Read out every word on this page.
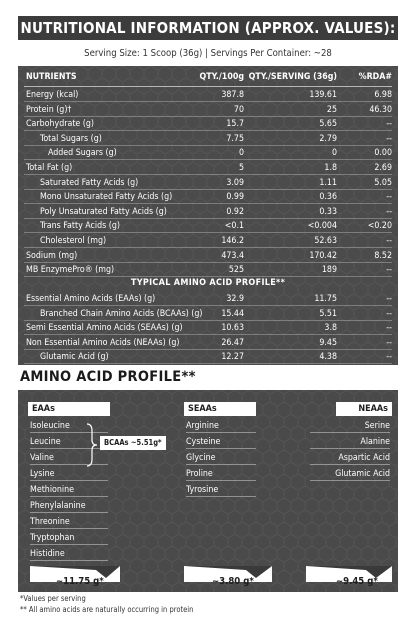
NUTRITIONAL INFORMATION (APPROX. VALUES):
Serving Size: 1 Scoop (36g) | Servings Per Container: ~28
NUTRIENTS	QTY./100g QTY./SERVING (36g)	%RDA#
Energy (kcal)	387.8	139.61	6.98
Protein (g)†	70	25	46.30
Carbohydrate (g)	15.7	5.65	--
Total Sugars (g)	7.75	2.79	--
Added Sugars (g)	0	0	0.00
Total Fat (g)	5	1.8	2.69
Saturated Fatty Acids (g)	3.09	1.11	5.05
Mono Unsaturated Fatty Acids (g)	0.99	0.36	--
Poly Unsaturated Fatty Acids (g)	0.92	0.33	--
Trans Fatty Acids (g)	<0.1	<0.004	<0.20
Cholesterol (mg)	146.2	52.63	--
Sodium (mg)	473.4	170.42	8.52
MB EnzymePro® (mg)	525	189	--
TYPICAL AMINO ACID PROFILE**
Essential Amino Acids (EAAs) (g)	32.9	11.75	--
Branched Chain Amino Acids (BCAAs) (g)	15.44	5.51	--
Semi Essential Amino Acids (SEAAs) (g)	10.63	3.8	--
Non Essential Amino Acids (NEAAs) (g)	26.47	9.45	--
Glutamic Acid (g)	12.27	4.38	--
AMINO ACID PROFILE**
EAAs	SEAAs	NEAAs
Isoleucine
Leucine
Valine
Lysine
Methionine
Phenylalanine
Threonine
Tryptophan
Histidine
BCAAs ~5.51g*
Arginine
Cysteine
Glycine
Proline
Tyrosine
Serine
Alanine
Aspartic Acid
Glutamic Acid
~11.75 g*	~3.80 g*	~9.45 g*
*Values per serving
** All amino acids are naturally occurring in protein
